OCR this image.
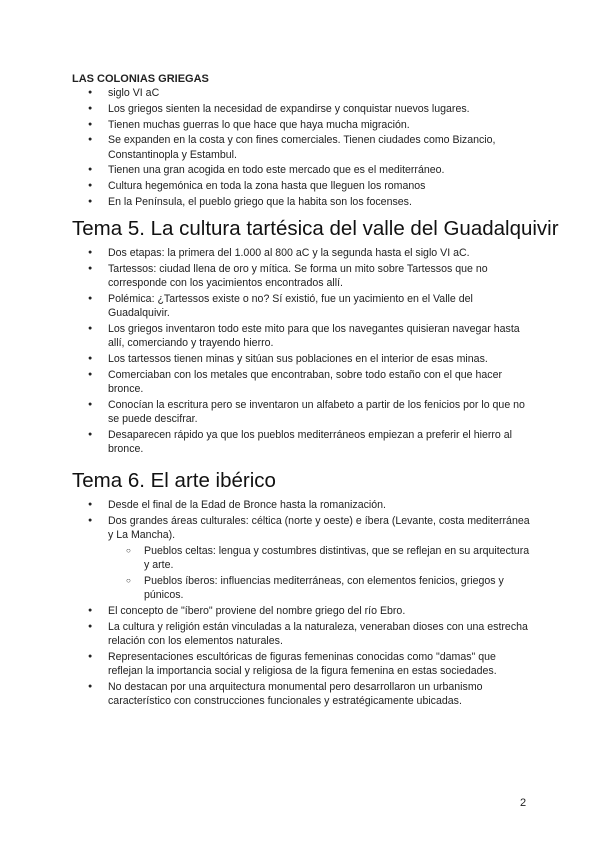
LAS COLONIAS GRIEGAS
● siglo VI aC
● Los griegos sienten la necesidad de expandirse y conquistar nuevos lugares.
● Tienen muchas guerras lo que hace que haya mucha migración.
● Se expanden en la costa y con fines comerciales. Tienen ciudades como Bizancio, Constantinopla y Estambul.
● Tienen una gran acogida en todo este mercado que es el mediterráneo.
● Cultura hegemónica en toda la zona hasta que lleguen los romanos
● En la Península, el pueblo griego que la habita son los focenses.
Tema 5. La cultura tartésica del valle del Guadalquivir
● Dos etapas: la primera del 1.000 al 800 aC y la segunda hasta el siglo VI aC.
● Tartessos: ciudad llena de oro y mítica. Se forma un mito sobre Tartessos que no corresponde con los yacimientos encontrados allí.
● Polémica: ¿Tartessos existe o no? Sí existió, fue un yacimiento en el Valle del Guadalquivir.
● Los griegos inventaron todo este mito para que los navegantes quisieran navegar hasta allí, comerciando y trayendo hierro.
● Los tartessos tienen minas y sitúan sus poblaciones en el interior de esas minas.
● Comerciaban con los metales que encontraban, sobre todo estaño con el que hacer bronce.
● Conocían la escritura pero se inventaron un alfabeto a partir de los fenicios por lo que no se puede descifrar.
● Desaparecen rápido ya que los pueblos mediterráneos empiezan a preferir el hierro al bronce.
Tema 6. El arte ibérico
● Desde el final de la Edad de Bronce hasta la romanización.
● Dos grandes áreas culturales: céltica (norte y oeste) e íbera (Levante, costa mediterránea y La Mancha).
○ Pueblos celtas: lengua y costumbres distintivas, que se reflejan en su arquitectura y arte.
○ Pueblos íberos: influencias mediterráneas, con elementos fenicios, griegos y púnicos.
● El concepto de "íbero" proviene del nombre griego del río Ebro.
● La cultura y religión están vinculadas a la naturaleza, veneraban dioses con una estrecha relación con los elementos naturales.
● Representaciones escultóricas de figuras femeninas conocidas como "damas" que reflejan la importancia social y religiosa de la figura femenina en estas sociedades.
● No destacan por una arquitectura monumental pero desarrollaron un urbanismo característico con construcciones funcionales y estratégicamente ubicadas.
2
